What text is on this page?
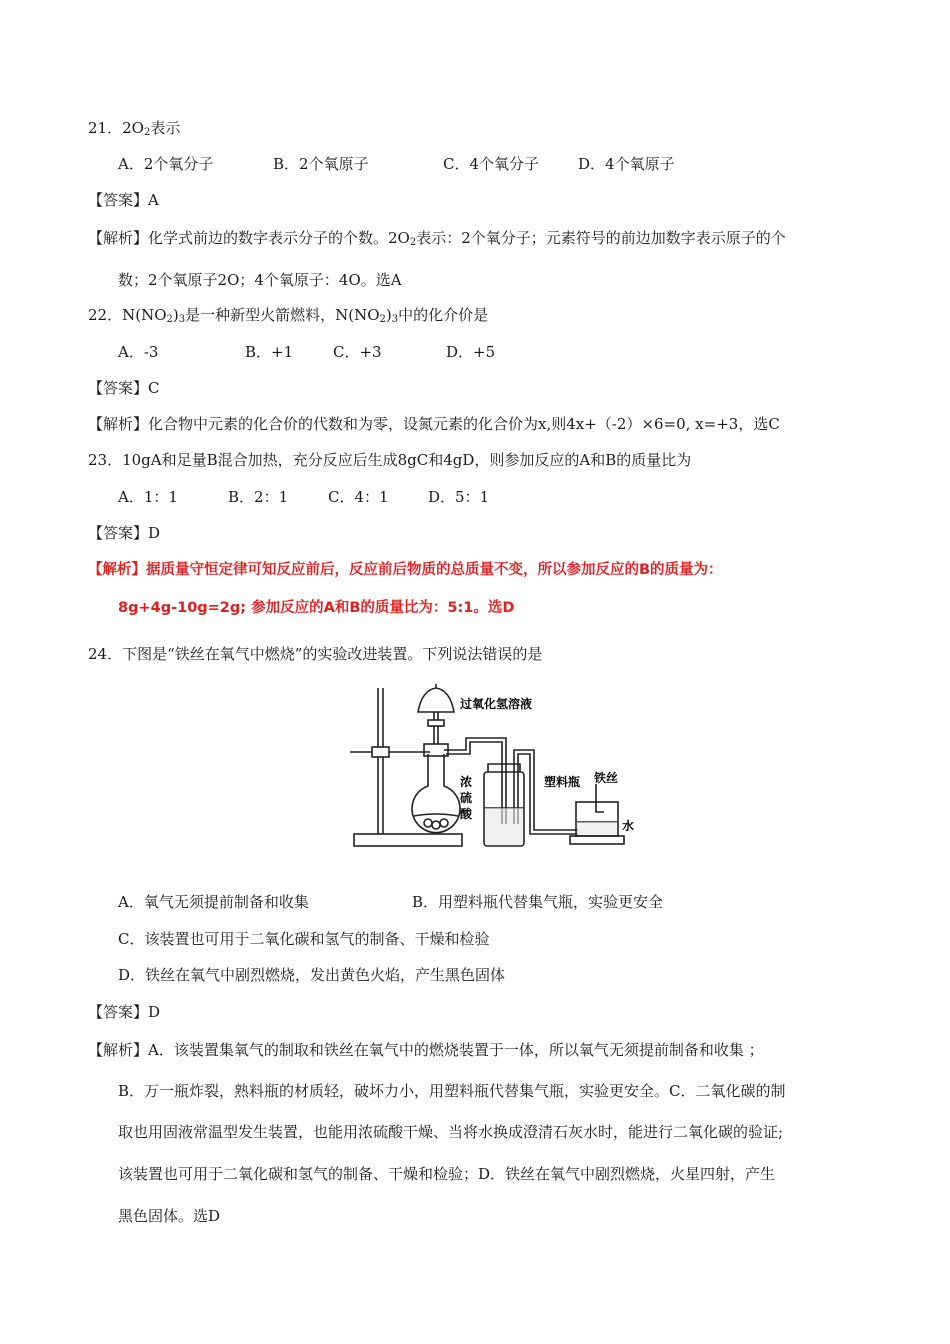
21．$2O_2$表示
A．2个氧分子	B．2个氧原子	C．4个氧分子	D．4个氧原子
【答案】A
【解析】化学式前边的数字表示分子的个数。$2O_2$表示：2个氧分子；元素符号的前边加数字表示原子的个
数；2个氧原子2O；4个氧原子：4O。选A
22．$N(NO_2)_3$是一种新型火箭燃料，$N(NO_2)_3$中的化介价是
A．-3	B．+1	C．+3	D．+5
【答案】C
【解析】化合物中元素的化合价的代数和为零，设氮元素的化合价为x,则4x+（-2）×6=0, x=+3，选C
23．10gA和足量B混合加热，充分反应后生成8gC和4gD，则参加反应的A和B的质量比为
A．1：1	B．2：1	C．4：1	D．5：1
【答案】D
【解析】据质量守恒定律可知反应前后，反应前后物质的总质量不变，所以参加反应的B的质量为：
8g+4g-10g=2g; 参加反应的A和B的质量比为：5:1。选D
24．下图是“铁丝在氧气中燃烧”的实验改进装置。下列说法错误的是
过氧化氢溶液
浓
硫
酸
塑料瓶 铁丝
水
A．氧气无须提前制备和收集	B．用塑料瓶代替集气瓶，实验更安全
C．该装置也可用于二氧化碳和氢气的制备、干燥和检验
D．铁丝在氧气中剧烈燃烧，发出黄色火焰，产生黑色固体
【答案】D
【解析】A．该装置集氧气的制取和铁丝在氧气中的燃烧装置于一体，所以氧气无须提前制备和收集 ；
B．万一瓶炸裂，熟料瓶的材质轻，破坏力小，用塑料瓶代替集气瓶，实验更安全。C．二氧化碳的制
取也用固液常温型发生装置，也能用浓硫酸干燥、当将水换成澄清石灰水时，能进行二氧化碳的验证;
该装置也可用于二氧化碳和氢气的制备、干燥和检验；D．铁丝在氧气中剧烈燃烧，火星四射，产生
黑色固体。选D
